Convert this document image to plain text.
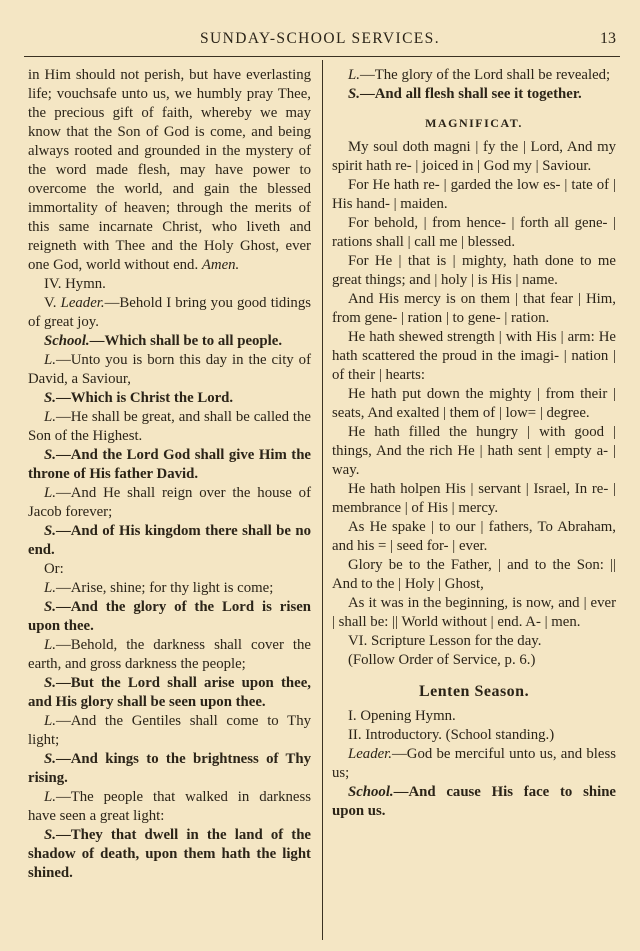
SUNDAY-SCHOOL SERVICES.	13

in Him should not perish, but have everlasting life; vouchsafe unto us, we humbly pray Thee, the precious gift of faith, whereby we may know that the Son of God is come, and being always rooted and grounded in the mystery of the word made flesh, may have power to overcome the world, and gain the blessed immortality of heaven; through the merits of this same incarnate Christ, who liveth and reigneth with Thee and the Holy Ghost, ever one God, world without end. Amen.

IV. Hymn.

V. Leader.—Behold I bring you good tidings of great joy.

School.—Which shall be to all people.

L.—Unto you is born this day in the city of David, a Saviour,

S.—Which is Christ the Lord.

L.—He shall be great, and shall be called the Son of the Highest.

S.—And the Lord God shall give Him the throne of His father David.

L.—And He shall reign over the house of Jacob forever;

S.—And of His kingdom there shall be no end.

Or:

L.—Arise, shine; for thy light is come;

S.—And the glory of the Lord is risen upon thee.

L.—Behold, the darkness shall cover the earth, and gross darkness the people;

S.—But the Lord shall arise upon thee, and His glory shall be seen upon thee.

L.—And the Gentiles shall come to Thy light;

S.—And kings to the brightness of Thy rising.

L.—The people that walked in darkness have seen a great light:

S.—They that dwell in the land of the shadow of death, upon them hath the light shined.

L.—The glory of the Lord shall be revealed;

S.—And all flesh shall see it together.

MAGNIFICAT.

My soul doth magni | fy the | Lord, And my spirit hath re- | joiced in | God my | Saviour.

For He hath re- | garded the low es- | tate of | His hand- | maiden.

For behold, | from hence- | forth all gene- | rations shall | call me | blessed.

For He | that is | mighty, hath done to me great things; and | holy | is His | name.

And His mercy is on them | that fear | Him, from gene- | ration | to gene- | ration.

He hath shewed strength | with His | arm: He hath scattered the proud in the imagi- | nation | of their | hearts:

He hath put down the mighty | from their | seats, And exalted | them of | low= | degree.

He hath filled the hungry | with good | things, And the rich He | hath sent | empty a- | way.

He hath holpen His | servant | Israel, In re- | membrance | of His | mercy.

As He spake | to our | fathers, To Abraham, and his = | seed for- | ever.

Glory be to the Father, | and to the Son: || And to the | Holy | Ghost,

As it was in the beginning, is now, and | ever | shall be: || World without | end. A- | men.

VI. Scripture Lesson for the day.

(Follow Order of Service, p. 6.)

Lenten Season.

I. Opening Hymn.

II. Introductory. (School standing.)

Leader.—God be merciful unto us, and bless us;

School.—And cause His face to shine upon us.
